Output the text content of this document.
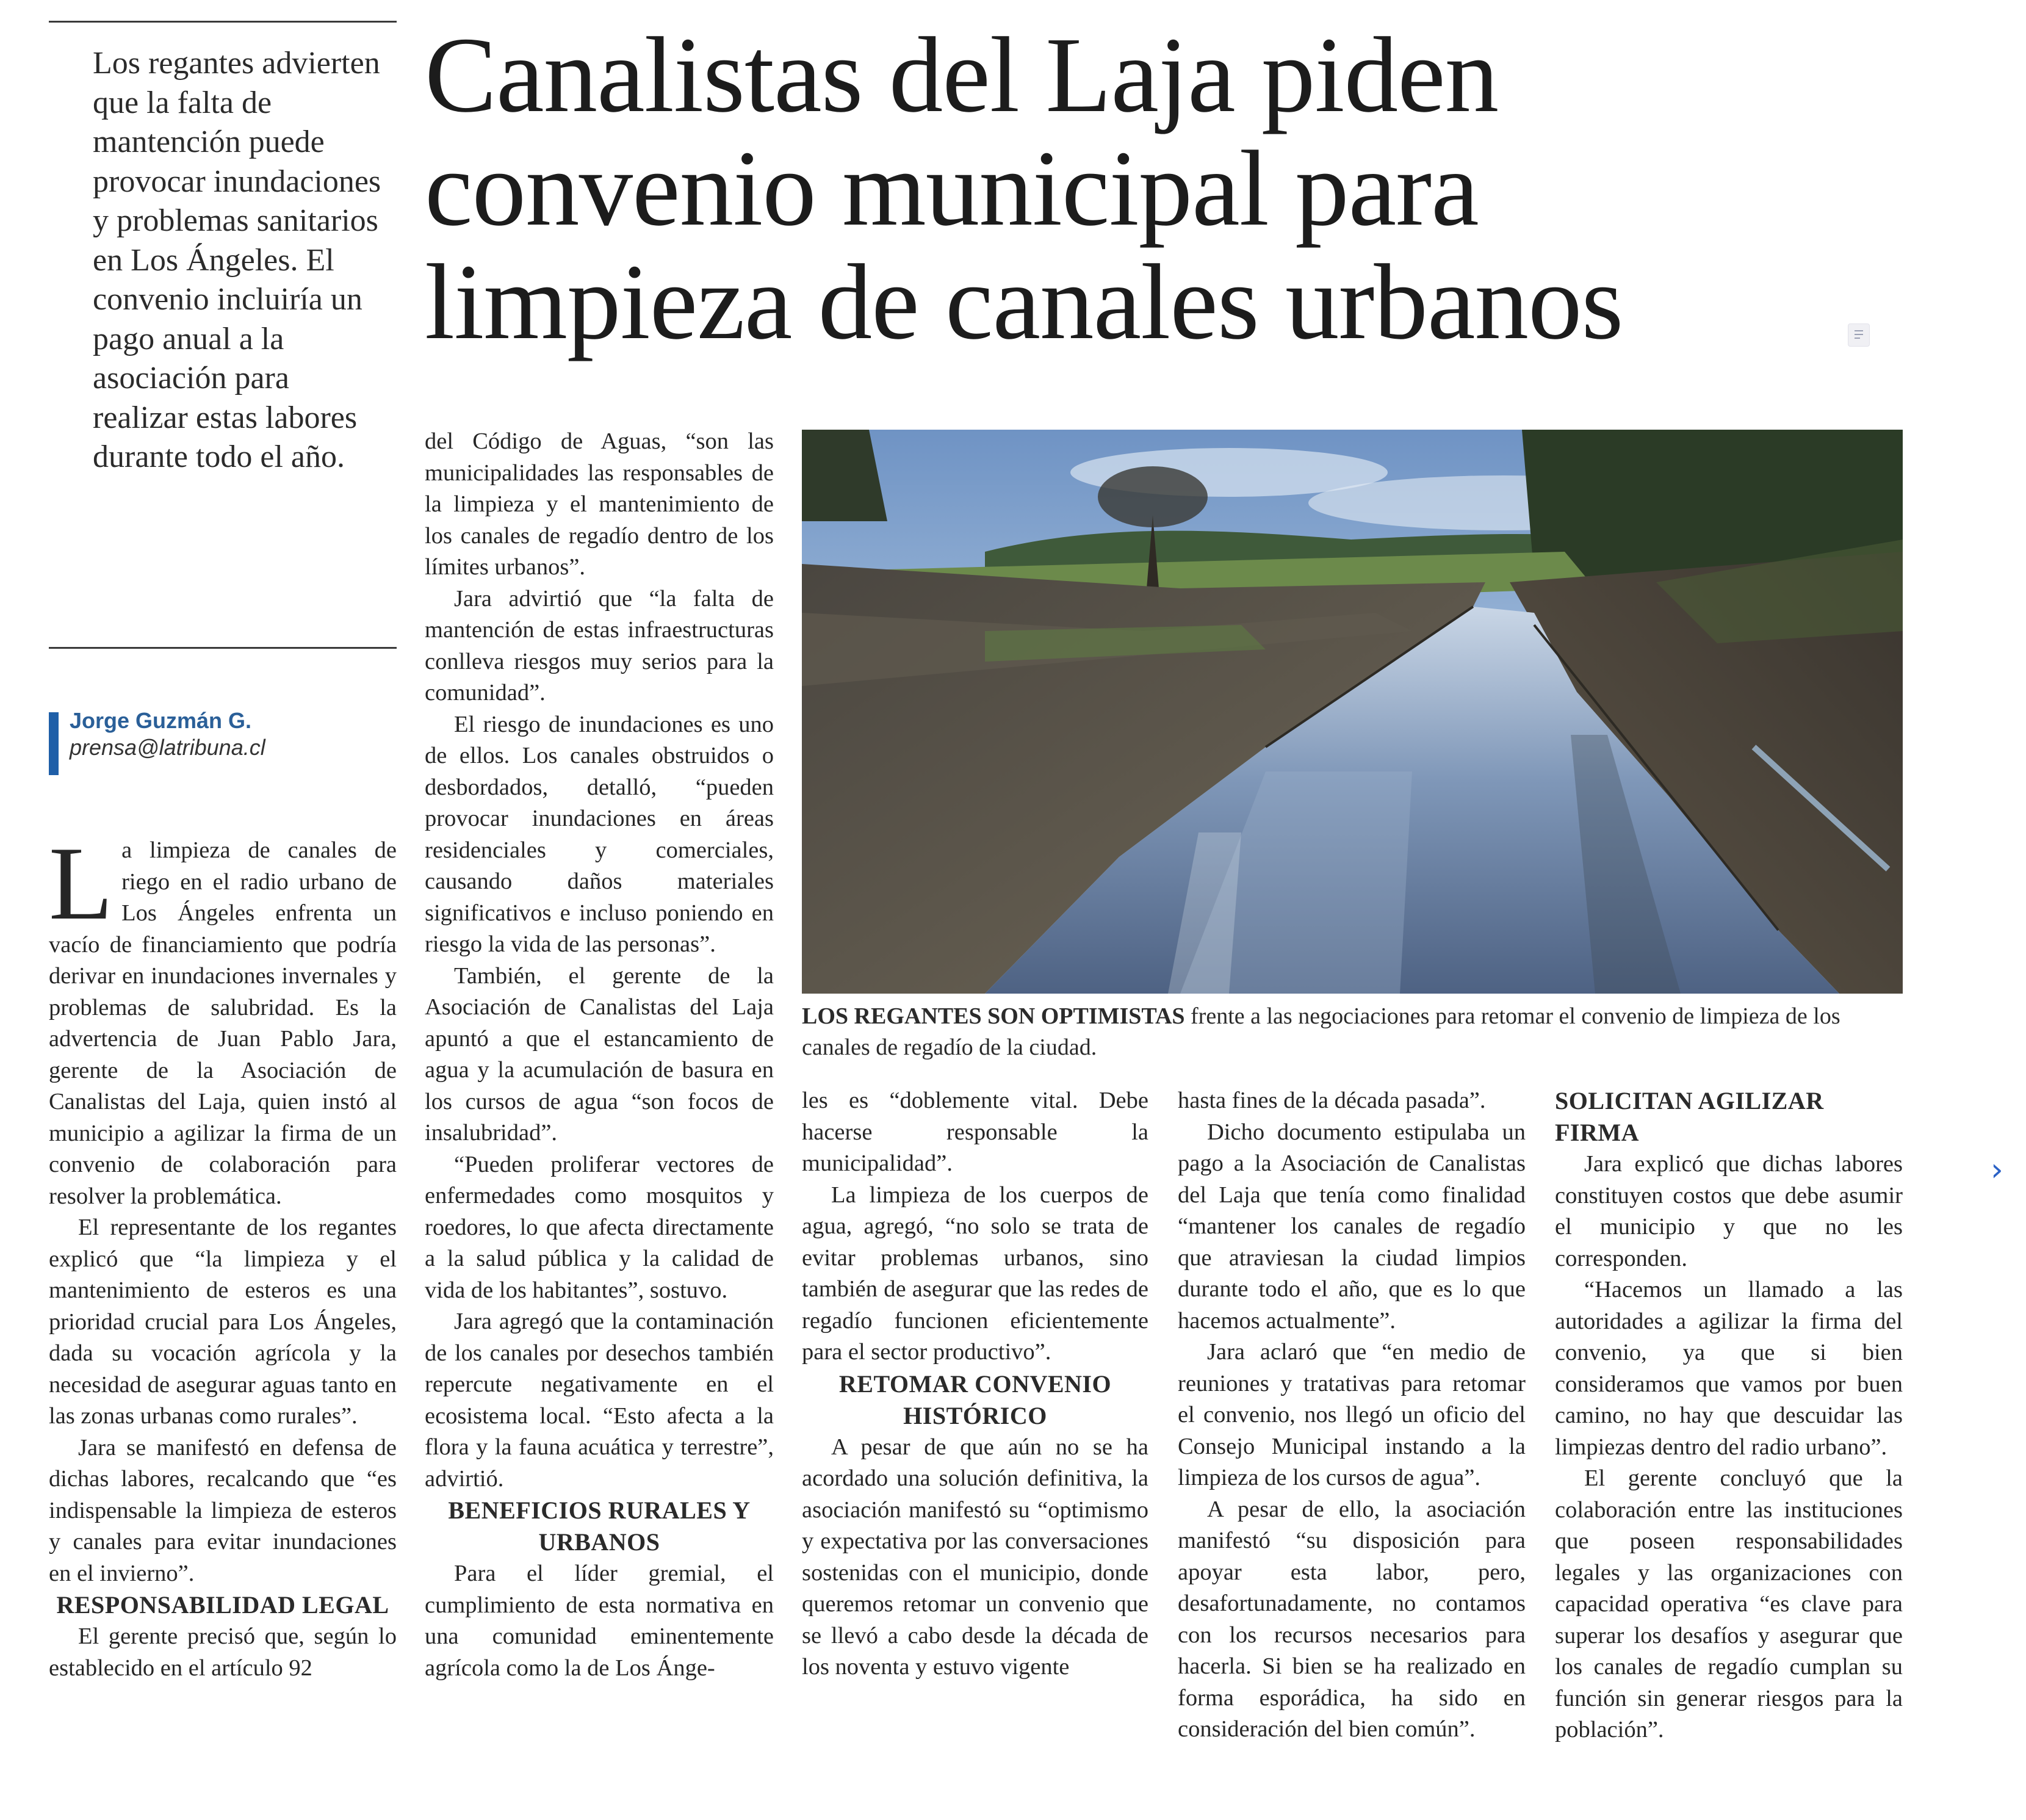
Los regantes advierten que la falta de mantención puede provocar inundaciones y problemas sanitarios en Los Ángeles. El convenio incluiría un pago anual a la asociación para realizar estas labores durante todo el año.
Canalistas del Laja piden
convenio municipal para
limpieza de canales urbanos
Jorge Guzmán G.
prensa@latribuna.cl

La limpieza de canales de riego en el radio urbano de Los Ángeles enfrenta un vacío de financiamiento que podría derivar en inundaciones invernales y problemas de salubridad. Es la advertencia de Juan Pablo Jara, gerente de la Asociación de Canalistas del Laja, quien instó al municipio a agilizar la firma de un convenio de colaboración para resolver la problemática.

El representante de los regantes explicó que “la limpieza y el mantenimiento de esteros es una prioridad crucial para Los Ángeles, dada su vocación agrícola y la necesidad de asegurar aguas tanto en las zonas urbanas como rurales”.

Jara se manifestó en defensa de dichas labores, recalcando que “es indispensable la limpieza de esteros y canales para evitar inundaciones en el invierno”.

RESPONSABILIDAD LEGAL

El gerente precisó que, según lo establecido en el artículo 92

del Código de Aguas, “son las municipalidades las responsables de la limpieza y el mantenimiento de los canales de regadío dentro de los límites urbanos”.

Jara advirtió que “la falta de mantención de estas infraestructuras conlleva riesgos muy serios para la comunidad”.

El riesgo de inundaciones es uno de ellos. Los canales obstruidos o desbordados, detalló, “pueden provocar inundaciones en áreas residenciales y comerciales, causando daños materiales significativos e incluso poniendo en riesgo la vida de las personas”.

También, el gerente de la Asociación de Canalistas del Laja apuntó a que el estancamiento de agua y la acumulación de basura en los cursos de agua “son focos de insalubridad”.

“Pueden proliferar vectores de enfermedades como mosquitos y roedores, lo que afecta directamente a la salud pública y la calidad de vida de los habitantes”, sostuvo.

Jara agregó que la contaminación de los canales por desechos también repercute negativamente en el ecosistema local. “Esto afecta a la flora y la fauna acuática y terrestre”, advirtió.

BENEFICIOS RURALES Y URBANOS

Para el líder gremial, el cumplimiento de esta normativa en una comunidad eminentemente agrícola como la de Los Ánge-

LOS REGANTES SON OPTIMISTAS frente a las negociaciones para retomar el convenio de limpieza de los canales de regadío de la ciudad.

les es “doblemente vital. Debe hacerse responsable la municipalidad”.

La limpieza de los cuerpos de agua, agregó, “no solo se trata de evitar problemas urbanos, sino también de asegurar que las redes de regadío funcionen eficientemente para el sector productivo”.

RETOMAR CONVENIO HISTÓRICO

A pesar de que aún no se ha acordado una solución definitiva, la asociación manifestó su “optimismo y expectativa por las conversaciones sostenidas con el municipio, donde queremos retomar un convenio que se llevó a cabo desde la década de los noventa y estuvo vigente

hasta fines de la década pasada”.

Dicho documento estipulaba un pago a la Asociación de Canalistas del Laja que tenía como finalidad “mantener los canales de regadío que atraviesan la ciudad limpios durante todo el año, que es lo que hacemos actualmente”.

Jara aclaró que “en medio de reuniones y tratativas para retomar el convenio, nos llegó un oficio del Consejo Municipal instando a la limpieza de los cursos de agua”.

A pesar de ello, la asociación manifestó “su disposición para apoyar esta labor, pero, desafortunadamente, no contamos con los recursos necesarios para hacerla. Si bien se ha realizado en forma esporádica, ha sido en consideración del bien común”.

SOLICITAN AGILIZAR FIRMA

Jara explicó que dichas labores constituyen costos que debe asumir el municipio y que no les corresponden.

“Hacemos un llamado a las autoridades a agilizar la firma del convenio, ya que si bien consideramos que vamos por buen camino, no hay que descuidar las limpiezas dentro del radio urbano”.

El gerente concluyó que la colaboración entre las instituciones que poseen responsabilidades legales y las organizaciones con capacidad operativa “es clave para superar los desafíos y asegurar que los canales de regadío cumplan su función sin generar riesgos para la población”.

›
